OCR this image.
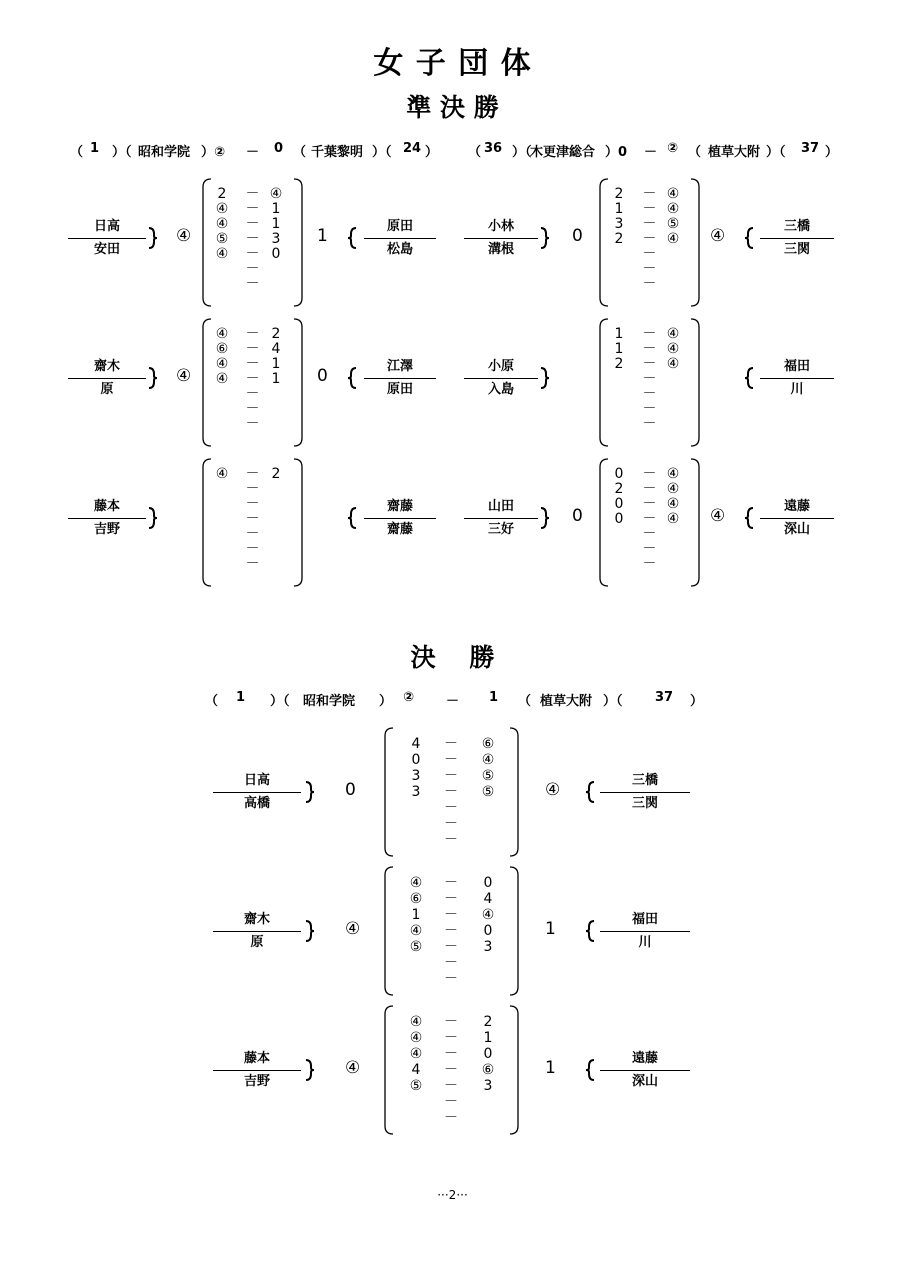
女 子 団 体
準 決 勝
決　 勝
···2···
（ 1 ）（ 昭和学院 ）② － 0 （ 千葉黎明 ）（ 24 ） （ 36 ）（
木更津総合 ）0 － ② （ 植草大附 ）（ 37 ）
日高
安田
④
2	－ ④
④ － 1
④ － 1
⑤ － 3
④ － 0
－
－
1	原田
松島
齋木
原
④
④ － 2
⑥ － 4
④ － 1
④ － 1
－
－
－
0	江澤
原田
藤本
吉野
④ － 2
－
－
－
－
－
－
齋藤
齋藤
小林
溝根
0
2	－ ④
1	－ ④
3	－ ⑤
2	－ ④
－
－
－
④	三橋
三関
小原
入島
1	－ ④
1	－ ④
2	－ ④
－
－
－
－
福田
川
山田
三好
0
0	－ ④
2	－ ④
0	－ ④
0	－ ④
－
－
－
④	遠藤
深山
（ 1 ）（ 昭和学院 ） ② － 1 （ 植草大附 ）（ 37 ）
日高
高橋
0
4	－	⑥
0	－	④
3	－	⑤
3	－	⑤
－
－
－
④	三橋
三関
齋木
原
④
④	－	0
⑥	－	4
1	－	④
④	－	0
⑤	－	3
－
－
1	福田
川
藤本
吉野
④
④	－	2
④	－	1
④	－	0
4	－	⑥
⑤	－	3
－
－
1	遠藤
深山
